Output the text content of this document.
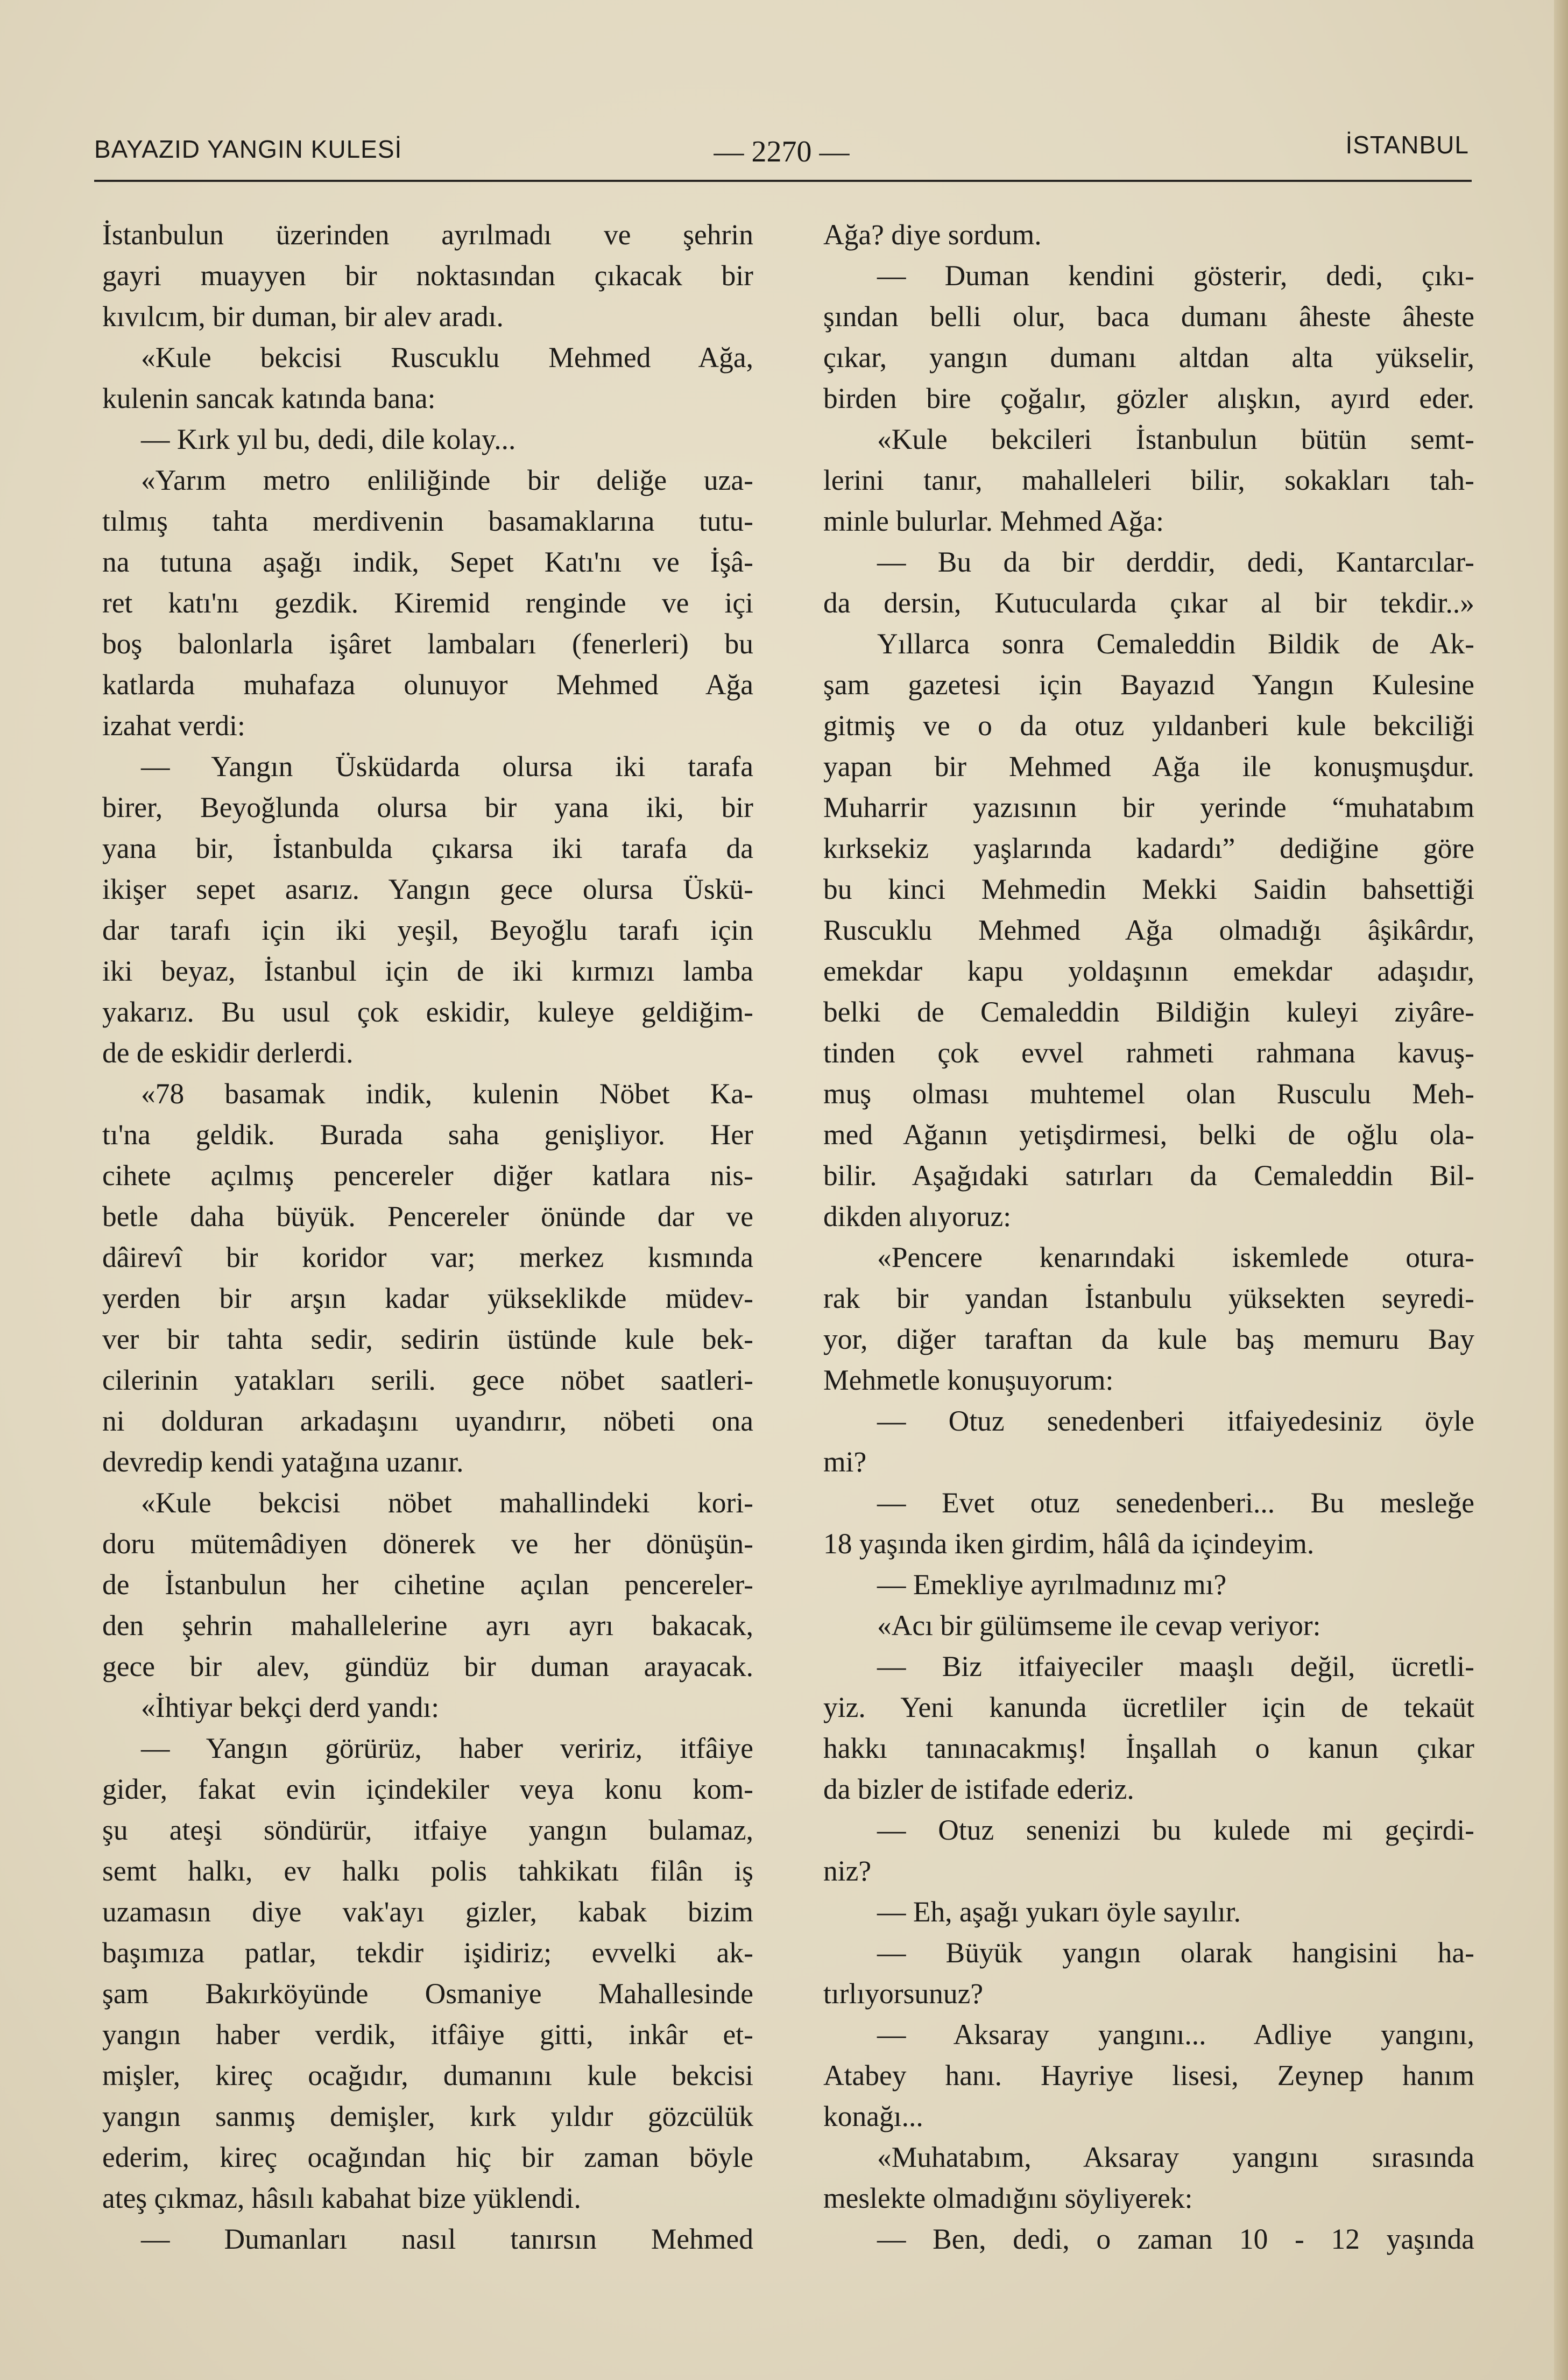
BAYAZID YANGIN KULESİ	— 2270 —	İSTANBUL
İstanbulun üzerinden ayrılmadı ve şehrin
gayri muayyen bir noktasından çıkacak bir
kıvılcım, bir duman, bir alev aradı.
«Kule bekcisi Ruscuklu Mehmed Ağa,
kulenin sancak katında bana:
— Kırk yıl bu, dedi, dile kolay...
«Yarım metro enliliğinde bir deliğe uza-
tılmış tahta merdivenin basamaklarına tutu-
na tutuna aşağı indik, Sepet Katı'nı ve İşâ-
ret katı'nı gezdik. Kiremid renginde ve içi
boş balonlarla işâret lambaları (fenerleri) bu
katlarda muhafaza olunuyor Mehmed Ağa
izahat verdi:
— Yangın Üsküdarda olursa iki tarafa
birer, Beyoğlunda olursa bir yana iki, bir
yana bir, İstanbulda çıkarsa iki tarafa da
ikişer sepet asarız. Yangın gece olursa Üskü-
dar tarafı için iki yeşil, Beyoğlu tarafı için
iki beyaz, İstanbul için de iki kırmızı lamba
yakarız. Bu usul çok eskidir, kuleye geldiğim-
de de eskidir derlerdi.
«78 basamak indik, kulenin Nöbet Ka-
tı'na geldik. Burada saha genişliyor. Her
cihete açılmış pencereler diğer katlara nis-
betle daha büyük. Pencereler önünde dar ve
dâirevî bir koridor var; merkez kısmında
yerden bir arşın kadar yükseklikde müdev-
ver bir tahta sedir, sedirin üstünde kule bek-
cilerinin yatakları serili. gece nöbet saatleri-
ni dolduran arkadaşını uyandırır, nöbeti ona
devredip kendi yatağına uzanır.
«Kule bekcisi nöbet mahallindeki kori-
doru mütemâdiyen dönerek ve her dönüşün-
de İstanbulun her cihetine açılan pencereler-
den şehrin mahallelerine ayrı ayrı bakacak,
gece bir alev, gündüz bir duman arayacak.
«İhtiyar bekçi derd yandı:
— Yangın görürüz, haber veririz, itfâiye
gider, fakat evin içindekiler veya konu kom-
şu ateşi söndürür, itfaiye yangın bulamaz,
semt halkı, ev halkı polis tahkikatı filân iş
uzamasın diye vak'ayı gizler, kabak bizim
başımıza patlar, tekdir işidiriz; evvelki ak-
şam Bakırköyünde Osmaniye Mahallesinde
yangın haber verdik, itfâiye gitti, inkâr et-
mişler, kireç ocağıdır, dumanını kule bekcisi
yangın sanmış demişler, kırk yıldır gözcülük
ederim, kireç ocağından hiç bir zaman böyle
ateş çıkmaz, hâsılı kabahat bize yüklendi.
— Dumanları nasıl tanırsın Mehmed
Ağa? diye sordum.
— Duman kendini gösterir, dedi, çıkı-
şından belli olur, baca dumanı âheste âheste
çıkar, yangın dumanı altdan alta yükselir,
birden bire çoğalır, gözler alışkın, ayırd eder.
«Kule bekcileri İstanbulun bütün semt-
lerini tanır, mahalleleri bilir, sokakları tah-
minle bulurlar. Mehmed Ağa:
— Bu da bir derddir, dedi, Kantarcılar-
da dersin, Kutucularda çıkar al bir tekdir..»
Yıllarca sonra Cemaleddin Bildik de Ak-
şam gazetesi için Bayazıd Yangın Kulesine
gitmiş ve o da otuz yıldanberi kule bekciliği
yapan bir Mehmed Ağa ile konuşmuşdur.
Muharrir yazısının bir yerinde “muhatabım
kırksekiz yaşlarında kadardı” dediğine göre
bu kinci Mehmedin Mekki Saidin bahsettiği
Ruscuklu Mehmed Ağa olmadığı âşikârdır,
emekdar kapu yoldaşının emekdar adaşıdır,
belki de Cemaleddin Bildiğin kuleyi ziyâre-
tinden çok evvel rahmeti rahmana kavuş-
muş olması muhtemel olan Rusculu Meh-
med Ağanın yetişdirmesi, belki de oğlu ola-
bilir. Aşağıdaki satırları da Cemaleddin Bil-
dikden alıyoruz:
«Pencere kenarındaki iskemlede otura-
rak bir yandan İstanbulu yüksekten seyredi-
yor, diğer taraftan da kule baş memuru Bay
Mehmetle konuşuyorum:
— Otuz senedenberi itfaiyedesiniz öyle
mi?
— Evet otuz senedenberi... Bu mesleğe
18 yaşında iken girdim, hâlâ da içindeyim.
— Emekliye ayrılmadınız mı?
«Acı bir gülümseme ile cevap veriyor:
— Biz itfaiyeciler maaşlı değil, ücretli-
yiz. Yeni kanunda ücretliler için de tekaüt
hakkı tanınacakmış! İnşallah o kanun çıkar
da bizler de istifade ederiz.
— Otuz senenizi bu kulede mi geçirdi-
niz?
— Eh, aşağı yukarı öyle sayılır.
— Büyük yangın olarak hangisini ha-
tırlıyorsunuz?
— Aksaray yangını... Adliye yangını,
Atabey hanı. Hayriye lisesi, Zeynep hanım
konağı...
«Muhatabım, Aksaray yangını sırasında
meslekte olmadığını söyliyerek:
— Ben, dedi, o zaman 10 - 12 yaşında
